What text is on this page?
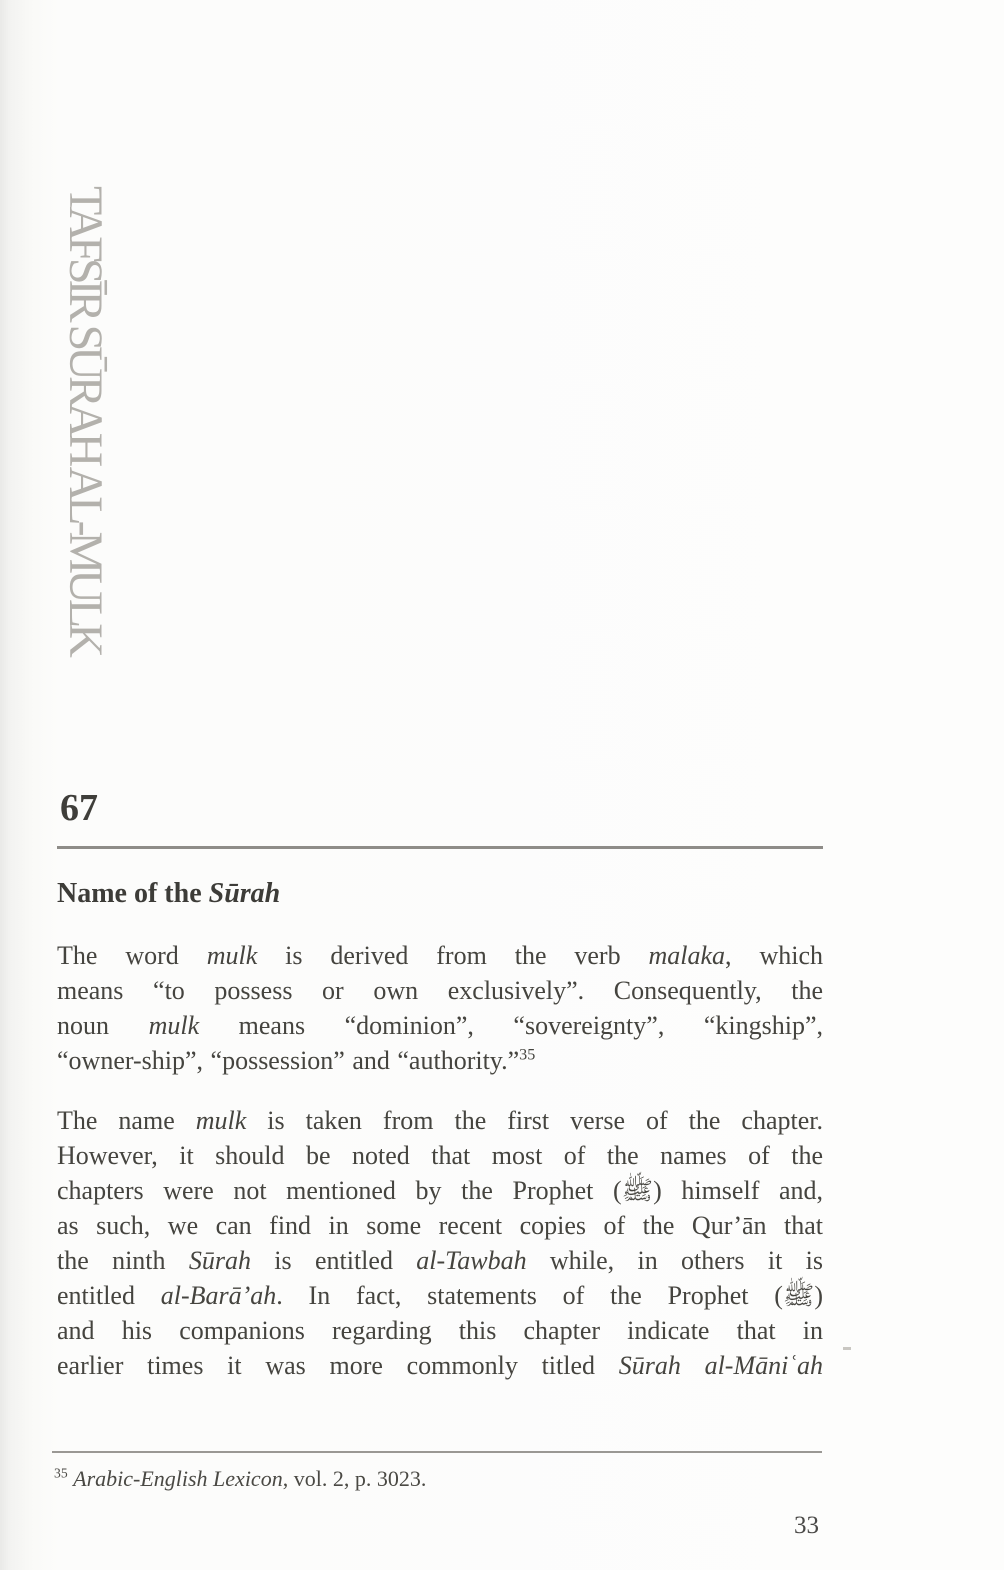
TAFSĪR SŪRAH AL-MULK
67
Name of the Sūrah
The word mulk is derived from the verb malaka, which
means “to possess or own exclusively”. Consequently, the
noun mulk means “dominion”, “sovereignty”, “kingship”,
“owner-ship”, “possession” and “authority.”$^{35}$
The name mulk is taken from the first verse of the chapter.
However, it should be noted that most of the names of the
chapters were not mentioned by the Prophet (ﷺ) himself and,
as such, we can find in some recent copies of the Qur’ān that
the ninth Sūrah is entitled al-Tawbah while, in others it is
entitled al-Barā’ah. In fact, statements of the Prophet (ﷺ)
and his companions regarding this chapter indicate that in
earlier times it was more commonly titled Sūrah al-Māniʿah
$^{35}$ Arabic-English Lexicon, vol. 2, p. 3023.
33
